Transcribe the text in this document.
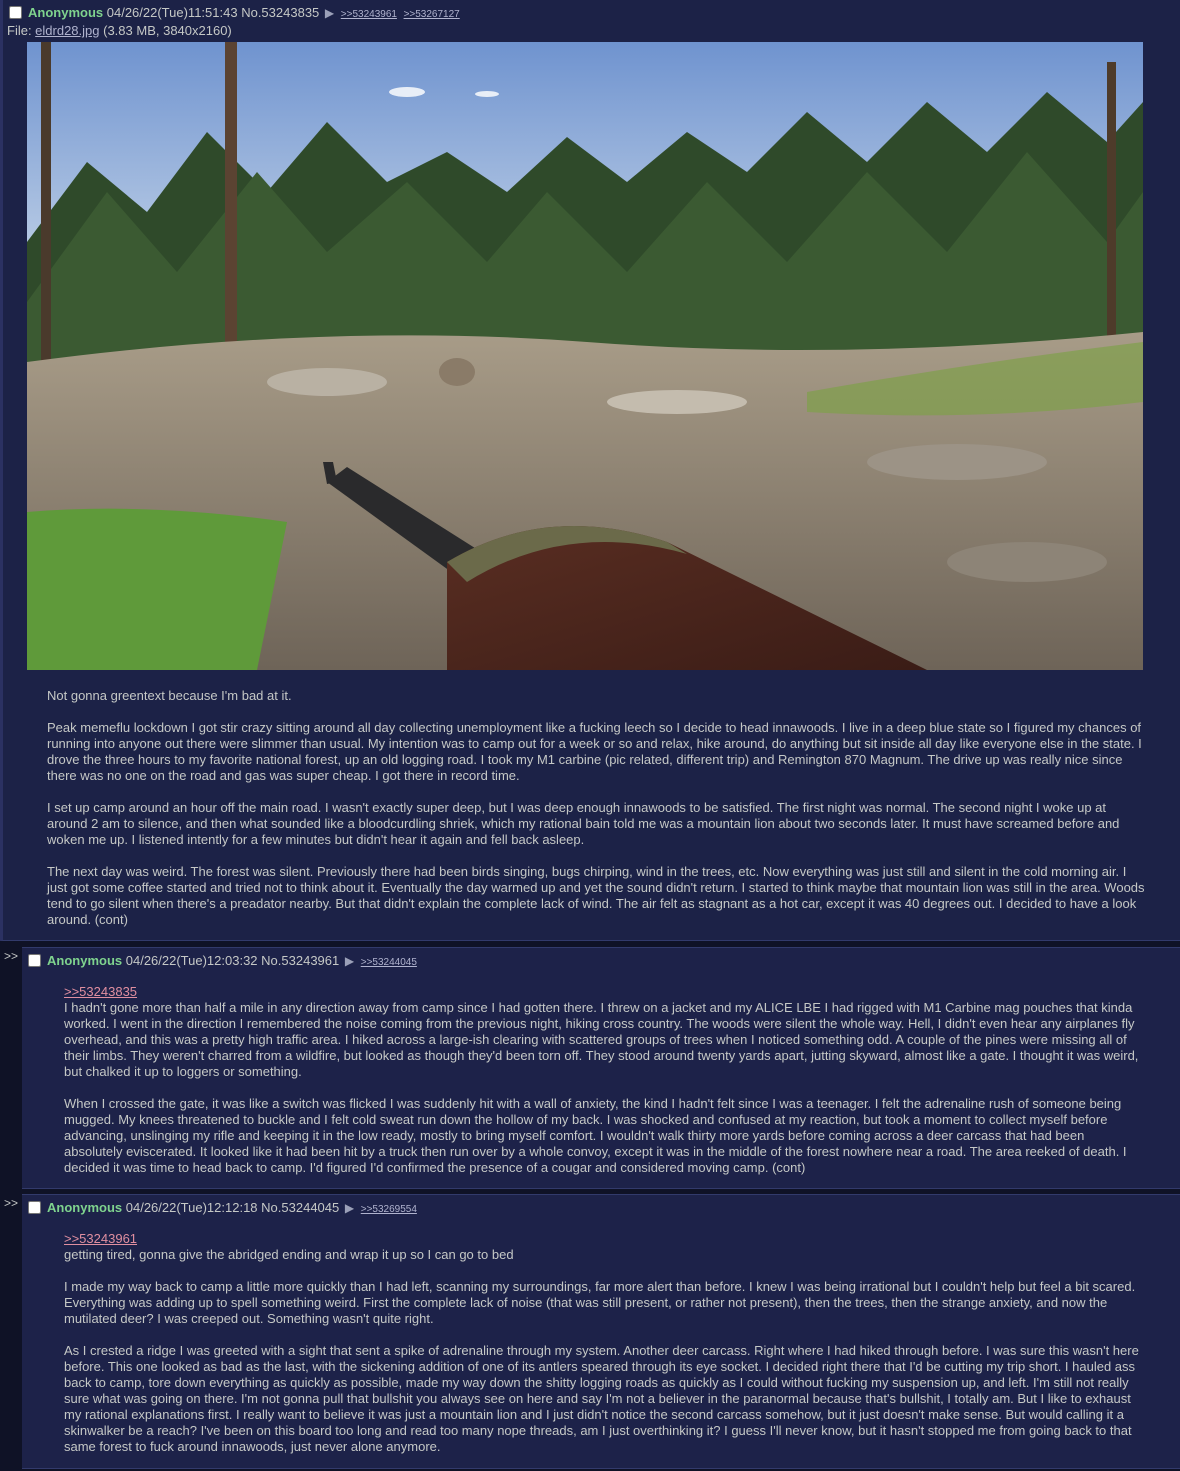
Anonymous 04/26/22(Tue)11:51:43 No.53243835 ▶ >>53243961 >>53267127
File: eldrd28.jpg (3.83 MB, 3840x2160)

Not gonna greentext because I'm bad at it.

Peak memeflu lockdown I got stir crazy sitting around all day collecting unemployment like a fucking leech so I decide to head innawoods. I live in a deep blue state so I figured my chances of running into anyone out there were slimmer than usual. My intention was to camp out for a week or so and relax, hike around, do anything but sit inside all day like everyone else in the state. I drove the three hours to my favorite national forest, up an old logging road. I took my M1 carbine (pic related, different trip) and Remington 870 Magnum. The drive up was really nice since there was no one on the road and gas was super cheap. I got there in record time.

I set up camp around an hour off the main road. I wasn't exactly super deep, but I was deep enough innawoods to be satisfied. The first night was normal. The second night I woke up at around 2 am to silence, and then what sounded like a bloodcurdling shriek, which my rational bain told me was a mountain lion about two seconds later. It must have screamed before and woken me up. I listened intently for a few minutes but didn't hear it again and fell back asleep.

The next day was weird. The forest was silent. Previously there had been birds singing, bugs chirping, wind in the trees, etc. Now everything was just still and silent in the cold morning air. I just got some coffee started and tried not to think about it. Eventually the day warmed up and yet the sound didn't return. I started to think maybe that mountain lion was still in the area. Woods tend to go silent when there's a preadator nearby. But that didn't explain the complete lack of wind. The air felt as stagnant as a hot car, except it was 40 degrees out. I decided to have a look around. (cont)

>>	Anonymous 04/26/22(Tue)12:03:32 No.53243961 ▶ >>53244045
>>53243835

I hadn't gone more than half a mile in any direction away from camp since I had gotten there. I threw on a jacket and my ALICE LBE I had rigged with M1 Carbine mag pouches that kinda worked. I went in the direction I remembered the noise coming from the previous night, hiking cross country. The woods were silent the whole way. Hell, I didn't even hear any airplanes fly overhead, and this was a pretty high traffic area. I hiked across a large-ish clearing with scattered groups of trees when I noticed something odd. A couple of the pines were missing all of their limbs. They weren't charred from a wildfire, but looked as though they'd been torn off. They stood around twenty yards apart, jutting skyward, almost like a gate. I thought it was weird, but chalked it up to loggers or something.

When I crossed the gate, it was like a switch was flicked I was suddenly hit with a wall of anxiety, the kind I hadn't felt since I was a teenager. I felt the adrenaline rush of someone being mugged. My knees threatened to buckle and I felt cold sweat run down the hollow of my back. I was shocked and confused at my reaction, but took a moment to collect myself before advancing, unslinging my rifle and keeping it in the low ready, mostly to bring myself comfort. I wouldn't walk thirty more yards before coming across a deer carcass that had been absolutely eviscerated. It looked like it had been hit by a truck then run over by a whole convoy, except it was in the middle of the forest nowhere near a road. The area reeked of death. I decided it was time to head back to camp. I'd figured I'd confirmed the presence of a cougar and considered moving camp. (cont)

>>	Anonymous 04/26/22(Tue)12:12:18 No.53244045 ▶ >>53269554
>>53243961

getting tired, gonna give the abridged ending and wrap it up so I can go to bed

I made my way back to camp a little more quickly than I had left, scanning my surroundings, far more alert than before. I knew I was being irrational but I couldn't help but feel a bit scared. Everything was adding up to spell something weird. First the complete lack of noise (that was still present, or rather not present), then the trees, then the strange anxiety, and now the mutilated deer? I was creeped out. Something wasn't quite right.

As I crested a ridge I was greeted with a sight that sent a spike of adrenaline through my system. Another deer carcass. Right where I had hiked through before. I was sure this wasn't here before. This one looked as bad as the last, with the sickening addition of one of its antlers speared through its eye socket. I decided right there that I'd be cutting my trip short. I hauled ass back to camp, tore down everything as quickly as possible, made my way down the shitty logging roads as quickly as I could without fucking my suspension up, and left. I'm still not really sure what was going on there. I'm not gonna pull that bullshit you always see on here and say I'm not a believer in the paranormal because that's bullshit, I totally am. But I like to exhaust my rational explanations first. I really want to believe it was just a mountain lion and I just didn't notice the second carcass somehow, but it just doesn't make sense. But would calling it a skinwalker be a reach? I've been on this board too long and read too many nope threads, am I just overthinking it? I guess I'll never know, but it hasn't stopped me from going back to that same forest to fuck around innawoods, just never alone anymore.
